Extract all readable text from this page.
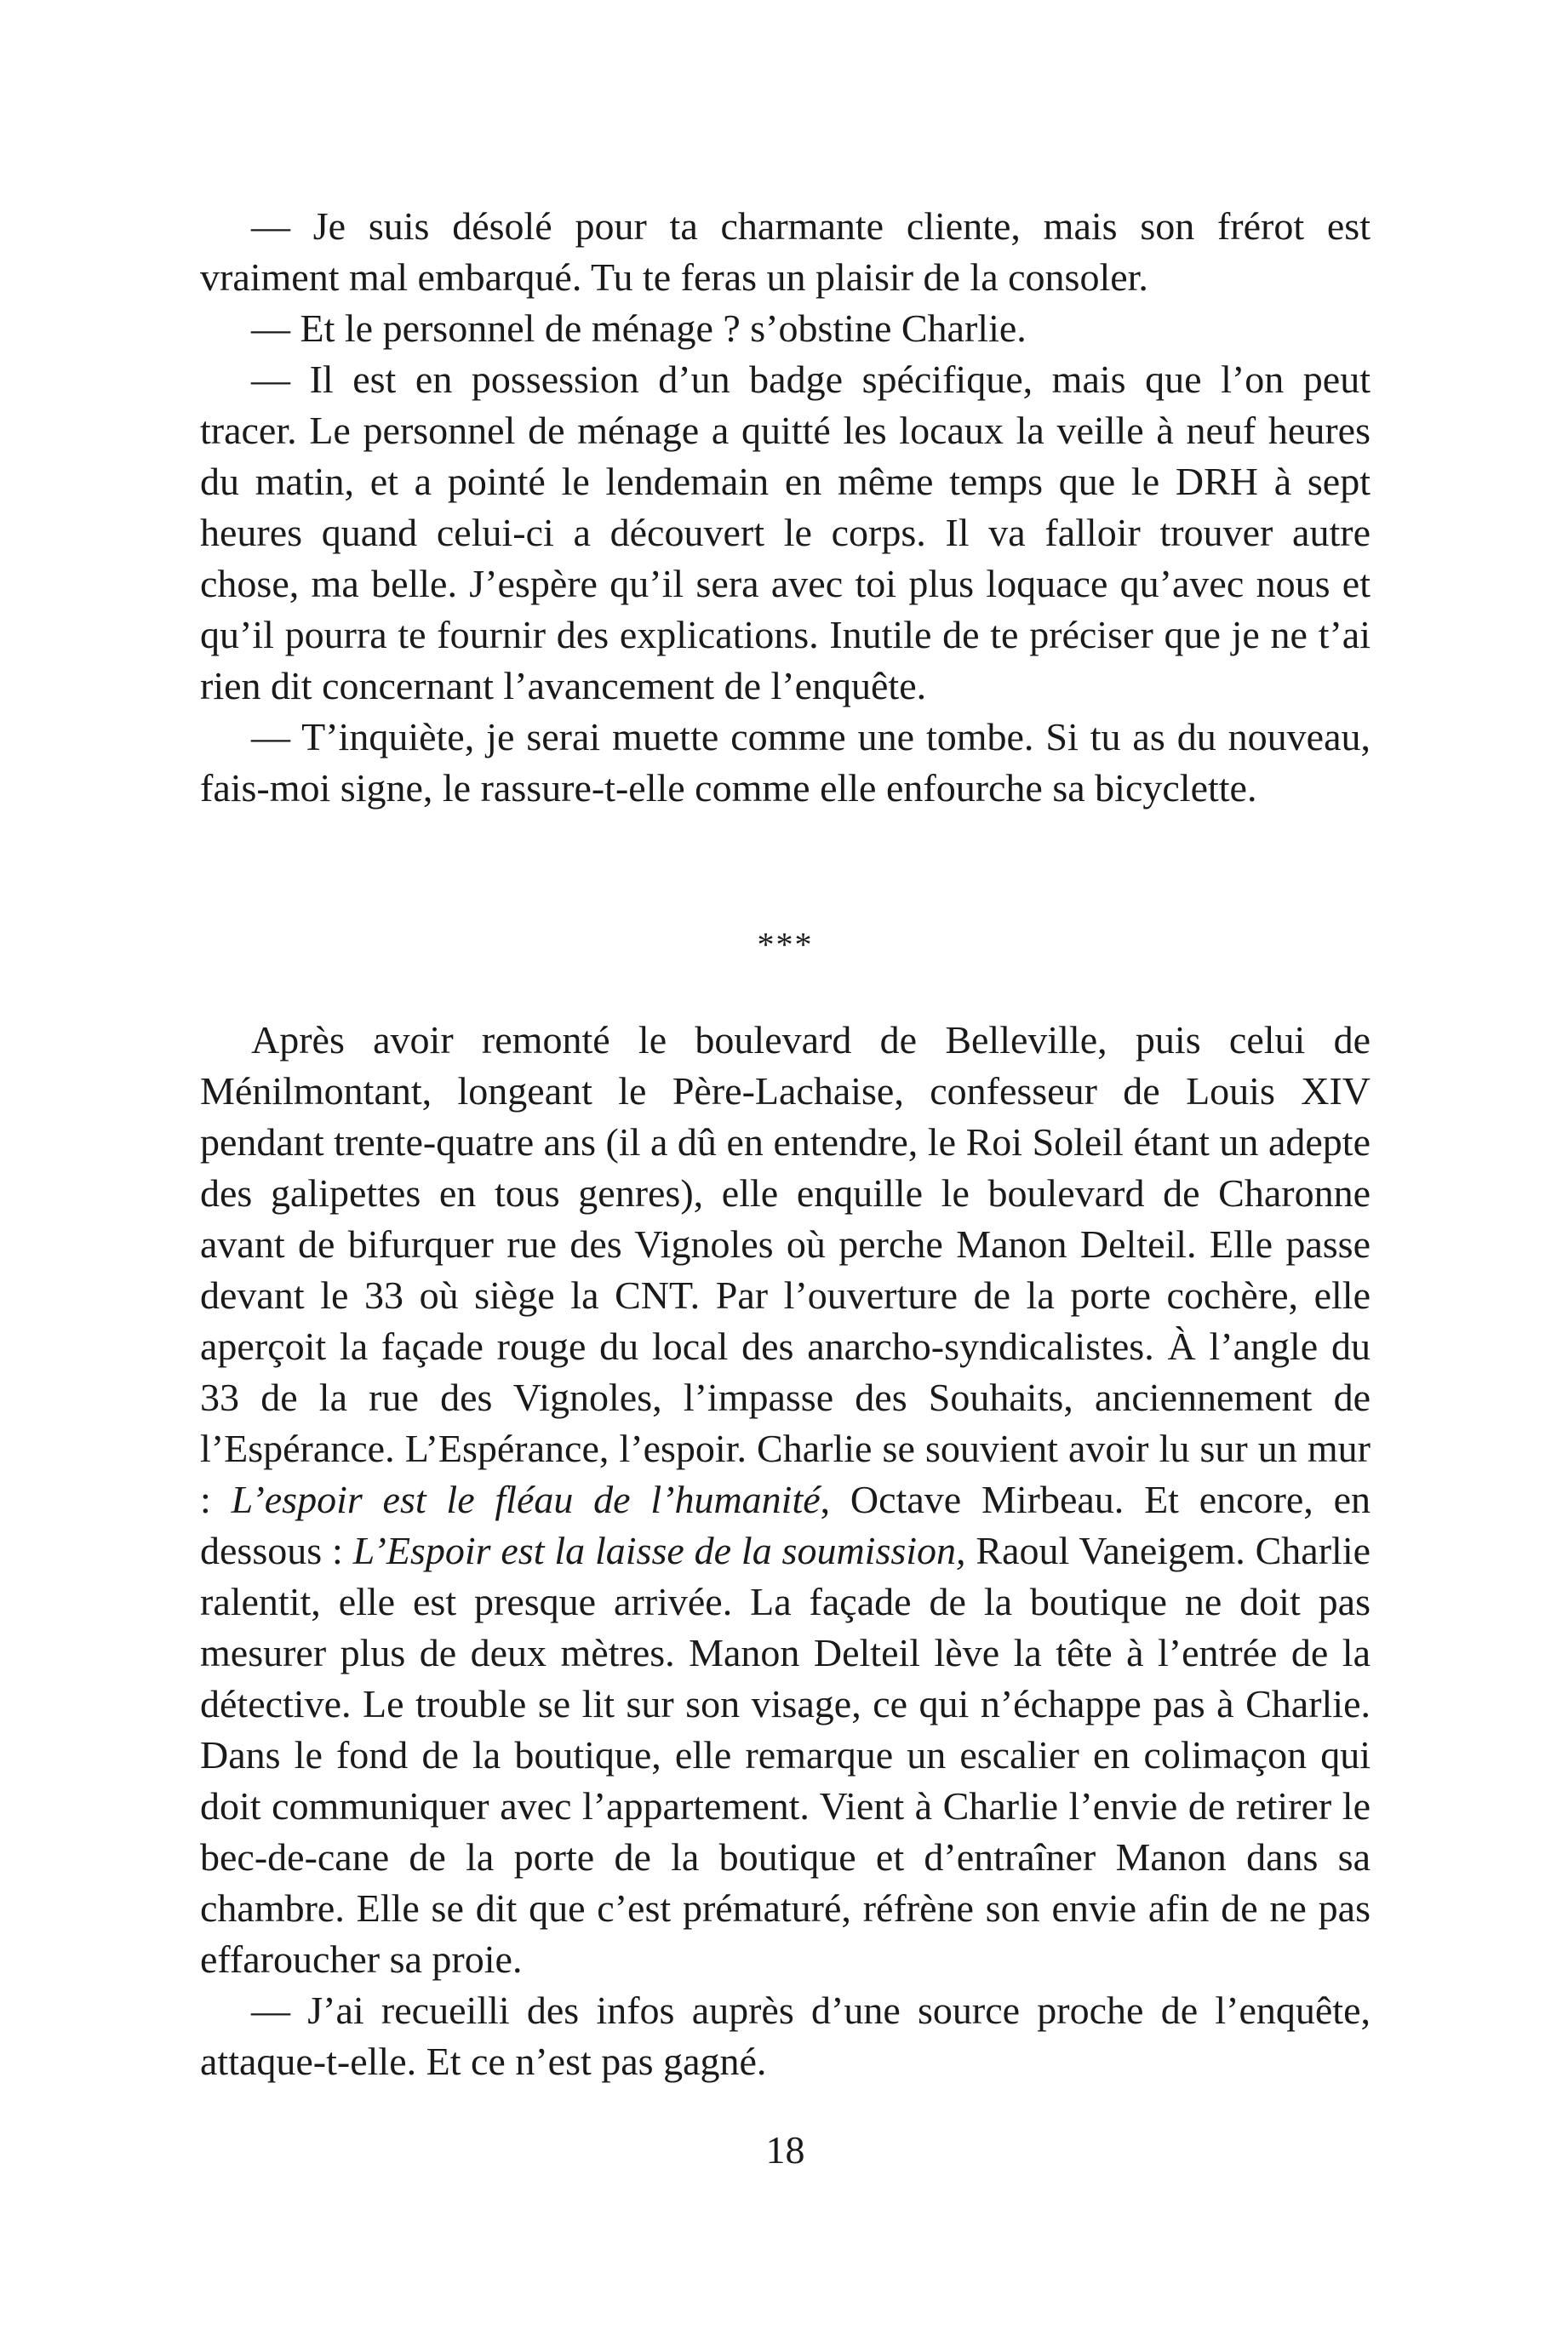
— Je suis désolé pour ta charmante cliente, mais son frérot est vraiment mal embarqué. Tu te feras un plaisir de la consoler.

— Et le personnel de ménage ? s’obstine Charlie.

— Il est en possession d’un badge spécifique, mais que l’on peut tracer. Le personnel de ménage a quitté les locaux la veille à neuf heures du matin, et a pointé le lendemain en même temps que le DRH à sept heures quand celui-ci a découvert le corps. Il va falloir trouver autre chose, ma belle. J’espère qu’il sera avec toi plus loquace qu’avec nous et qu’il pourra te fournir des explications. Inutile de te préciser que je ne t’ai rien dit concernant l’avancement de l’enquête.

— T’inquiète, je serai muette comme une tombe. Si tu as du nouveau, fais-moi signe, le rassure-t-elle comme elle enfourche sa bicyclette.

***

Après avoir remonté le boulevard de Belleville, puis celui de Ménilmontant, longeant le Père-Lachaise, confesseur de Louis XIV pendant trente-quatre ans (il a dû en entendre, le Roi Soleil étant un adepte des galipettes en tous genres), elle enquille le boulevard de Charonne avant de bifurquer rue des Vignoles où perche Manon Delteil. Elle passe devant le 33 où siège la CNT. Par l’ouverture de la porte cochère, elle aperçoit la façade rouge du local des anarcho-syndicalistes. À l’angle du 33 de la rue des Vignoles, l’impasse des Souhaits, anciennement de l’Espérance. L’Espérance, l’espoir. Charlie se souvient avoir lu sur un mur : L’espoir est le fléau de l’humanité, Octave Mirbeau. Et encore, en dessous : L’Espoir est la laisse de la soumission, Raoul Vaneigem. Charlie ralentit, elle est presque arrivée. La façade de la boutique ne doit pas mesurer plus de deux mètres. Manon Delteil lève la tête à l’entrée de la détective. Le trouble se lit sur son visage, ce qui n’échappe pas à Charlie. Dans le fond de la boutique, elle remarque un escalier en colimaçon qui doit communiquer avec l’appartement. Vient à Charlie l’envie de retirer le bec-de-cane de la porte de la boutique et d’entraîner Manon dans sa chambre. Elle se dit que c’est prématuré, réfrène son envie afin de ne pas effaroucher sa proie.

— J’ai recueilli des infos auprès d’une source proche de l’enquête, attaque-t-elle. Et ce n’est pas gagné.

18
